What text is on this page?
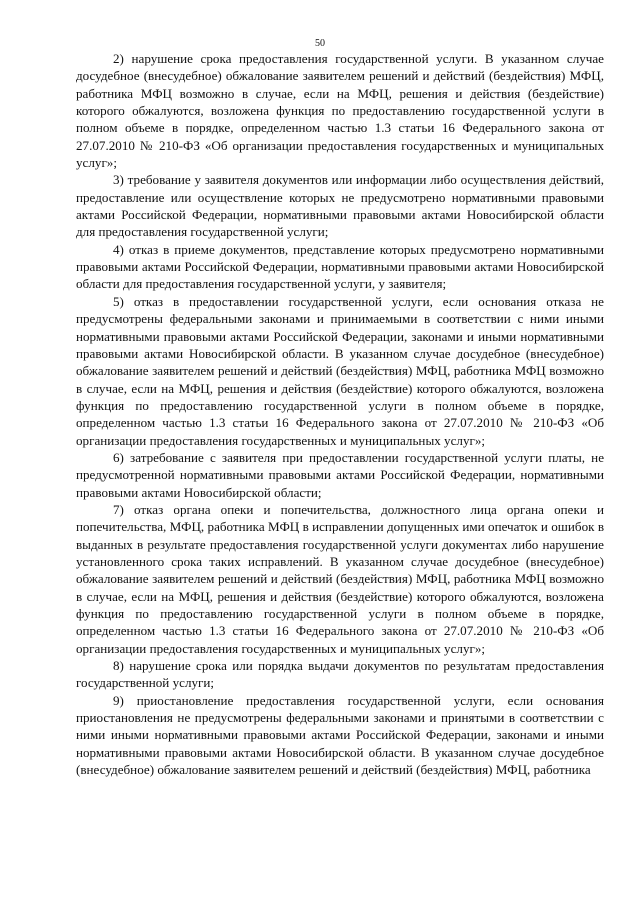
50

2) нарушение срока предоставления государственной услуги. В указанном случае досудебное (внесудебное) обжалование заявителем решений и действий (бездействия) МФЦ, работника МФЦ возможно в случае, если на МФЦ, решения и действия (бездействие) которого обжалуются, возложена функция по предоставлению государственной услуги в полном объеме в порядке, определенном частью 1.3 статьи 16 Федерального закона от 27.07.2010 № 210-ФЗ «Об организации предоставления государственных и муниципальных услуг»;

3) требование у заявителя документов или информации либо осуществления действий, предоставление или осуществление которых не предусмотрено нормативными правовыми актами Российской Федерации, нормативными правовыми актами Новосибирской области для предоставления государственной услуги;

4) отказ в приеме документов, представление которых предусмотрено нормативными правовыми актами Российской Федерации, нормативными правовыми актами Новосибирской области для предоставления государственной услуги, у заявителя;

5) отказ в предоставлении государственной услуги, если основания отказа не предусмотрены федеральными законами и принимаемыми в соответствии с ними иными нормативными правовыми актами Российской Федерации, законами и иными нормативными правовыми актами Новосибирской области. В указанном случае досудебное (внесудебное) обжалование заявителем решений и действий (бездействия) МФЦ, работника МФЦ возможно в случае, если на МФЦ, решения и действия (бездействие) которого обжалуются, возложена функция по предоставлению государственной услуги в полном объеме в порядке, определенном частью 1.3 статьи 16 Федерального закона от 27.07.2010 № 210-ФЗ «Об организации предоставления государственных и муниципальных услуг»;

6) затребование с заявителя при предоставлении государственной услуги платы, не предусмотренной нормативными правовыми актами Российской Федерации, нормативными правовыми актами Новосибирской области;

7) отказ органа опеки и попечительства, должностного лица органа опеки и попечительства, МФЦ, работника МФЦ в исправлении допущенных ими опечаток и ошибок в выданных в результате предоставления государственной услуги документах либо нарушение установленного срока таких исправлений. В указанном случае досудебное (внесудебное) обжалование заявителем решений и действий (бездействия) МФЦ, работника МФЦ возможно в случае, если на МФЦ, решения и действия (бездействие) которого обжалуются, возложена функция по предоставлению государственной услуги в полном объеме в порядке, определенном частью 1.3 статьи 16 Федерального закона от 27.07.2010 № 210-ФЗ «Об организации предоставления государственных и муниципальных услуг»;

8) нарушение срока или порядка выдачи документов по результатам предоставления государственной услуги;

9) приостановление предоставления государственной услуги, если основания приостановления не предусмотрены федеральными законами и принятыми в соответствии с ними иными нормативными правовыми актами Российской Федерации, законами и иными нормативными правовыми актами Новосибирской области. В указанном случае досудебное (внесудебное) обжалование заявителем решений и действий (бездействия) МФЦ, работника
